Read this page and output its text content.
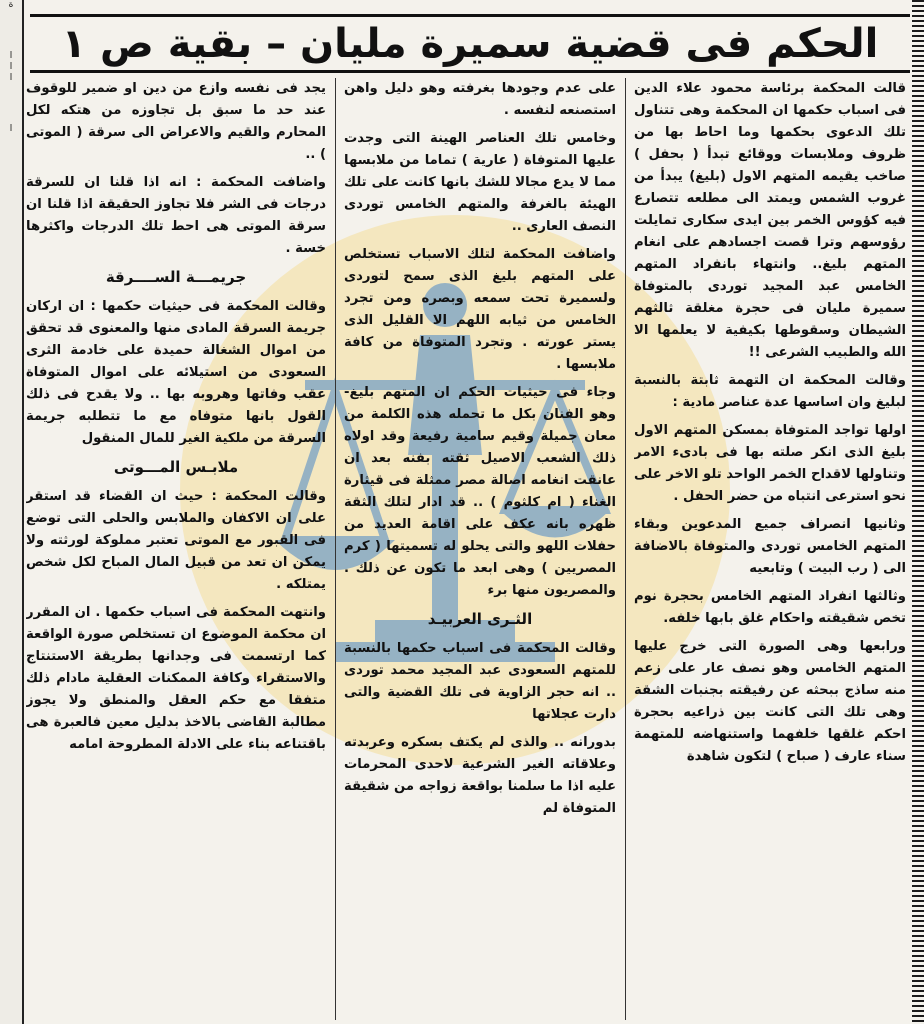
ة
ا
ا
ا
ا
الحكم فى قضية سميرة مليان – بقية ص ١

قالت المحكمة برئاسة محمود علاء الدين فى اسباب حكمها ان المحكمة وهى تتناول تلك الدعوى بحكمها وما احاط بها من ظروف وملابسات ووقائع تبدأ ( بحفل ) صاخب يقيمه المتهم الاول (بليغ) يبدأ من غروب الشمس ويمتد الى مطلعه تتصارع فيه كؤوس الخمر بين ايدى سكارى تمايلت رؤوسهم وترا قصت اجسادهم على انغام المتهم بليغ.. وانتهاء بانفراد المتهم الخامس عبد المجيد توردى بالمتوفاة سميرة مليان فى حجرة مغلقة ثالثهم الشيطان وسقوطها بكيفية لا يعلمها الا الله والطبيب الشرعى !!

وقالت المحكمة ان التهمة ثابتة بالنسبة لبليغ وان اساسها عدة عناصر مادية :

اولها تواجد المتوفاة بمسكن المتهم الاول بليغ الذى انكر صلته بها فى بادىء الامر وتناولها لاقداح الخمر الواحد تلو الاخر على نحو استرعى انتباه من حضر الحفل .

وثانيها انصراف جميع المدعوين وبقاء المتهم الخامس توردى والمتوفاة بالاضافة الى ( رب البيت ) وتابعيه

وثالثها انفراد المتهم الخامس بحجرة نوم تخص شقيقته واحكام غلق بابها خلفه.

ورابعها وهى الصورة التى خرج عليها المتهم الخامس وهو نصف عار على زعم منه ساذج ببحثه عن رفيقته بجنبات الشقة وهى تلك التى كانت بين ذراعيه بحجرة احكم غلقها خلفهما واستنهاضه للمتهمة سناء عارف ( صباح ) لتكون شاهدة

على عدم وجودها بغرفته وهو دليل واهن استصنعه لنفسه .

وخامس تلك العناصر الهينة التى وجدت عليها المتوفاة ( عارية ) تماما من ملابسها مما لا يدع مجالا للشك بانها كانت على تلك الهيئة بالغرفة والمتهم الخامس توردى النصف العارى ..

واضافت المحكمة لتلك الاسباب تستخلص على المتهم بليغ الذى سمح لتوردى ولسميرة تحت سمعه وبصره ومن تجرد الخامس من ثيابه اللهم الا القليل الذى يستر عورته . وتجرد المتوفاة من كافة ملابسها .

وجاء فى حيثيات الحكم ان المتهم بليغ- وهو الفنان بكل ما تحمله هذه الكلمة من معان جميلة وقيم سامية رفيعة وقد اولاه ذلك الشعب الاصيل ثقته بفنه بعد ان عانقت انغامه اصالة مصر ممثلة فى قيثارة الغناء ( ام كلثوم ) .. قد ادار لتلك الثقة ظهره بانه عكف على اقامة العديد من حفلات اللهو والتى يحلو له تسميتها ( كرم المصريين ) وهى ابعد ما تكون عن ذلك . والمصريون منها برء

الثـرى العربيـد

وقالت المحكمة فى اسباب حكمها بالنسبة للمتهم السعودى عبد المجيد محمد توردى .. انه حجر الزاوية فى تلك القضية والتى دارت عجلاتها

بدورانه .. والذى لم يكتف بسكره وعربدته وعلاقاته الغير الشرعية لاحدى المحرمات عليه اذا ما سلمنا بواقعة زواجه من شقيقة المتوفاة لم

يجد فى نفسه وازع من دين او ضمير للوقوف عند حد ما سبق بل تجاوزه من هتكه لكل المحارم والقيم والاعراض الى سرقة ( الموتى ) ..

واضافت المحكمة : انه اذا قلنا ان للسرقة درجات فى الشر فلا تجاوز الحقيقة اذا قلنا ان سرقة الموتى هى احط تلك الدرجات واكثرها خسة .

جريمـــة الســــرقة

وقالت المحكمة فى حيثيات حكمها : ان اركان جريمة السرقة المادى منها والمعنوى قد تحقق من اموال الشغالة حميدة على خادمة الثرى السعودى من استيلائه على اموال المتوفاة عقب وفاتها وهروبه بها .. ولا يقدح فى ذلك القول بانها متوفاه مع ما تتطلبه جريمة السرقة من ملكية الغير للمال المنقول

ملابـس المـــوتى

وقالت المحكمة : حيث ان القضاء قد استقر على ان الاكفان والملابس والحلى التى توضع فى القبور مع الموتى تعتبر مملوكة لورثته ولا يمكن ان تعد من قبيل المال المباح لكل شخص يمتلكه .

وانتهت المحكمة فى اسباب حكمها . ان المقرر ان محكمة الموضوع ان تستخلص صورة الواقعة كما ارتسمت فى وجدانها بطريقة الاستنتاج والاستقراء وكافة الممكنات العقلية مادام ذلك متفقا مع حكم العقل والمنطق ولا يجوز مطالبة القاضى بالاخذ بدليل معين فالعبرة هى باقتناعه بناء على الادلة المطروحة امامه
